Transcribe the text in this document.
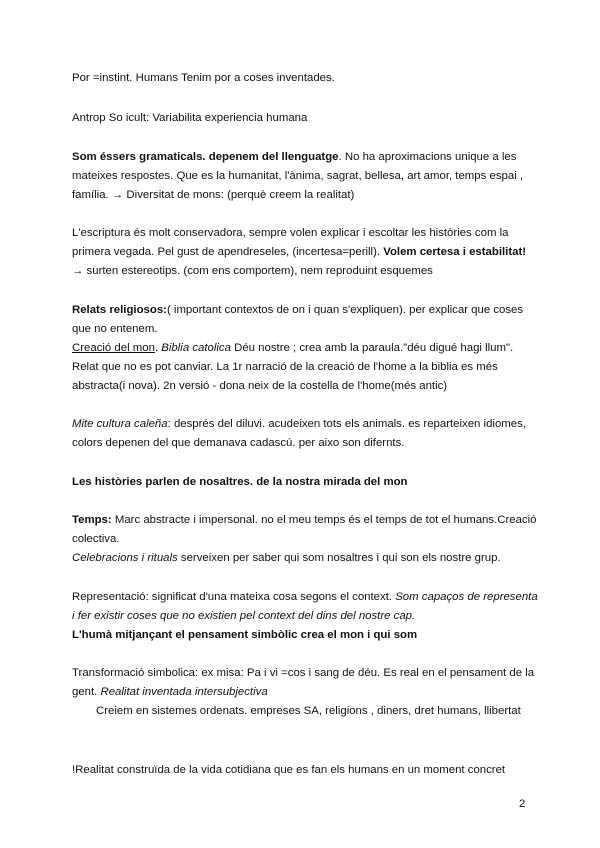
Por =instint. Humans Tenim por a coses inventades.
Antrop So icult: Variabilita experiencia humana
Som éssers gramaticals. depenem del llenguatge. No ha aproximacions unique a les
mateixes respostes. Que es la humanitat, l'ànima, sagrat, bellesa, art amor, temps espai ,
família. → Diversitat de mons: (perquè creem la realitat)
L'escriptura és molt conservadora, sempre volen explicar i escoltar les històries com la
primera vegada. Pel gust de apendreseles, (incertesa=perill). Volem certesa i estabilitat!
→ surten estereotips. (com ens comportem), nem reproduint esquemes
Relats religiosos:( important contextos de on i quan s'expliquen). per explicar que coses
que no entenem.
Creació del mon. Biblia catolica Déu nostre ; crea amb la paraula."déu digué hagi llum".
Relat que no es pot canviar. La 1r narració de la creació de l'home a la biblia es més
abstracta(i nova). 2n versió - dona neix de la costella de l'home(més antic)
Mite cultura caleña: després del diluvi. acudeixen tots els animals. es reparteixen idiomes,
colors depenen del que demanava cadascú. per aixo son difernts.
Les històries parlen de nosaltres. de la nostra mirada del mon
Temps: Marc abstracte i impersonal. no el meu temps és el temps de tot el humans.Creació
colectiva.
Celebracions i rituals serveixen per saber qui som nosaltres i qui son els nostre grup.
Representació: significat d'una mateixa cosa segons el context. Som capaços de representa
i fer existir coses que no existien pel context del dins del nostre cap.
L'humà mitjançant el pensament simbòlic crea el mon i qui som
Transformació simbolica: ex misa: Pa i vi =cos i sang de déu. Es real en el pensament de la
gent. Realitat inventada intersubjectiva
Creiem en sistemes ordenats. empreses SA, religions , diners, dret humans, llibertat
!Realitat construïda de la vida cotidiana que es fan els humans en un moment concret
2
